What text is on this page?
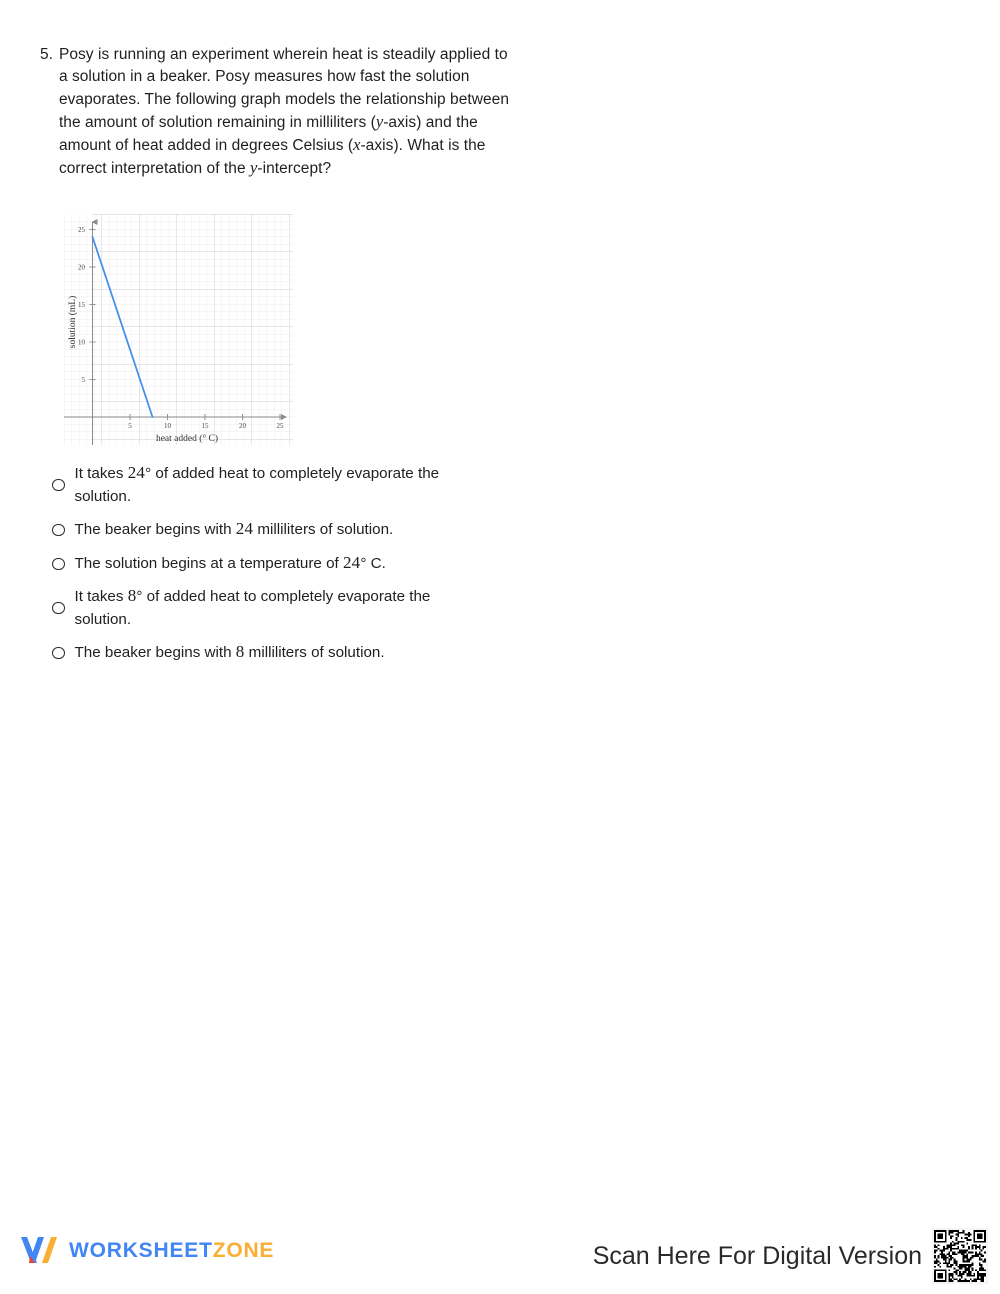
5. Posy is running an experiment wherein heat is steadily applied to a solution in a beaker. Posy measures how fast the solution evaporates. The following graph models the relationship between the amount of solution remaining in milliliters (y-axis) and the amount of heat added in degrees Celsius (x-axis). What is the correct interpretation of the y-intercept?
5	10	15	20	25
5
10
15
20
25
heat added (° C)
solution (mL)
It takes 24° of added heat to completely evaporate the
solution.
The beaker begins with 24 milliliters of solution.
The solution begins at a temperature of 24° C.
It takes 8° of added heat to completely evaporate the
solution.
The beaker begins with 8 milliliters of solution.
WORKSHEETZONE	Scan Here For Digital Version
